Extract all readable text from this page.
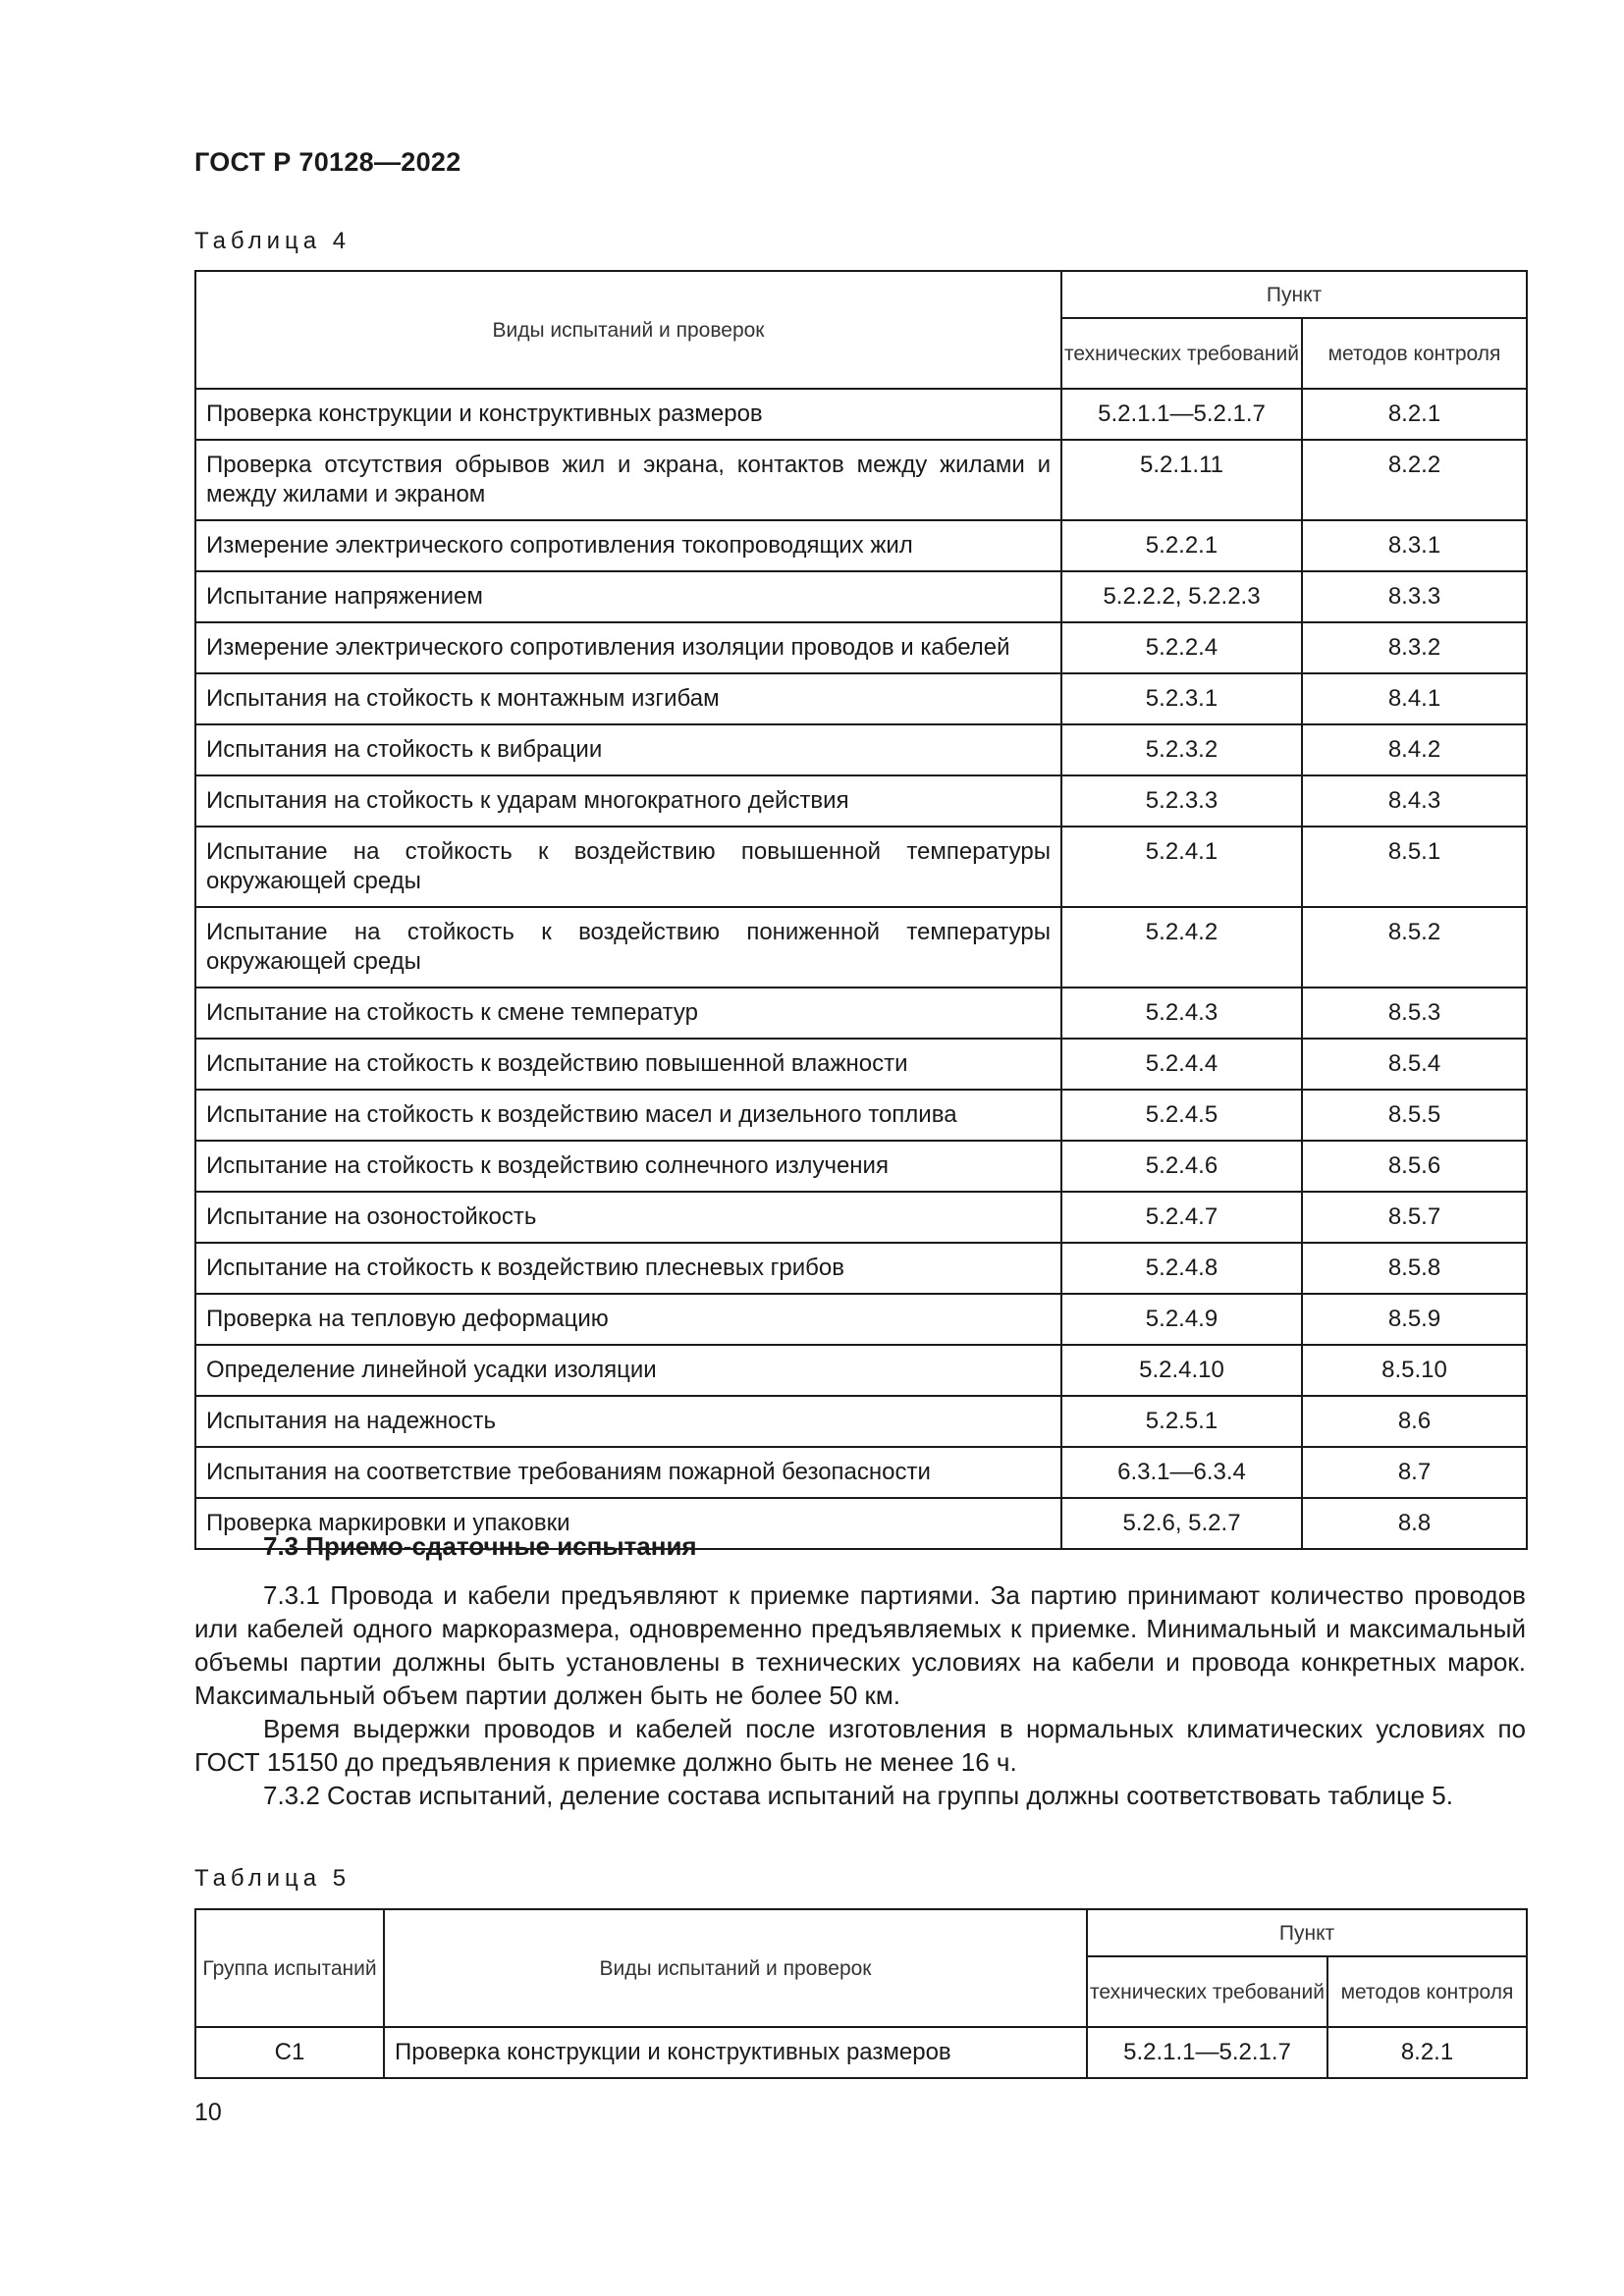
ГОСТ Р 70128—2022
Таблица 4
Виды испытаний и проверок	Пункт	
	технических требований	методов контроля
Проверка конструкции и конструктивных размеров	5.2.1.1—5.2.1.7	8.2.1
Проверка отсутствия обрывов жил и экрана, контактов между жилами и между жилами и экраном	5.2.1.11	8.2.2
Измерение электрического сопротивления токопроводящих жил	5.2.2.1	8.3.1
Испытание напряжением	5.2.2.2, 5.2.2.3	8.3.3
Измерение электрического сопротивления изоляции проводов и кабелей	5.2.2.4	8.3.2
Испытания на стойкость к монтажным изгибам	5.2.3.1	8.4.1
Испытания на стойкость к вибрации	5.2.3.2	8.4.2
Испытания на стойкость к ударам многократного действия	5.2.3.3	8.4.3
Испытание на стойкость к воздействию повышенной температуры окружающей среды	5.2.4.1	8.5.1
Испытание на стойкость к воздействию пониженной температуры окружающей среды	5.2.4.2	8.5.2
Испытание на стойкость к смене температур	5.2.4.3	8.5.3
Испытание на стойкость к воздействию повышенной влажности	5.2.4.4	8.5.4
Испытание на стойкость к воздействию масел и дизельного топлива	5.2.4.5	8.5.5
Испытание на стойкость к воздействию солнечного излучения	5.2.4.6	8.5.6
Испытание на озоностойкость	5.2.4.7	8.5.7
Испытание на стойкость к воздействию плесневых грибов	5.2.4.8	8.5.8
Проверка на тепловую деформацию	5.2.4.9	8.5.9
Определение линейной усадки изоляции	5.2.4.10	8.5.10
Испытания на надежность	5.2.5.1	8.6
Испытания на соответствие требованиям пожарной безопасности	6.3.1—6.3.4	8.7
Проверка маркировки и упаковки	5.2.6, 5.2.7	8.8
7.3 Приемо-сдаточные испытания

7.3.1 Провода и кабели предъявляют к приемке партиями. За партию принимают количество проводов или кабелей одного маркоразмера, одновременно предъявляемых к приемке. Минимальный и максимальный объемы партии должны быть установлены в технических условиях на кабели и провода конкретных марок. Максимальный объем партии должен быть не более 50 км.

Время выдержки проводов и кабелей после изготовления в нормальных климатических условиях по ГОСТ 15150 до предъявления к приемке должно быть не менее 16 ч.

7.3.2 Состав испытаний, деление состава испытаний на группы должны соответствовать таблице 5.

Таблица 5
Группа испытаний	Виды испытаний и проверок	Пункт	
		технических требований	методов контроля
С1	Проверка конструкции и конструктивных размеров	5.2.1.1—5.2.1.7	8.2.1
10
